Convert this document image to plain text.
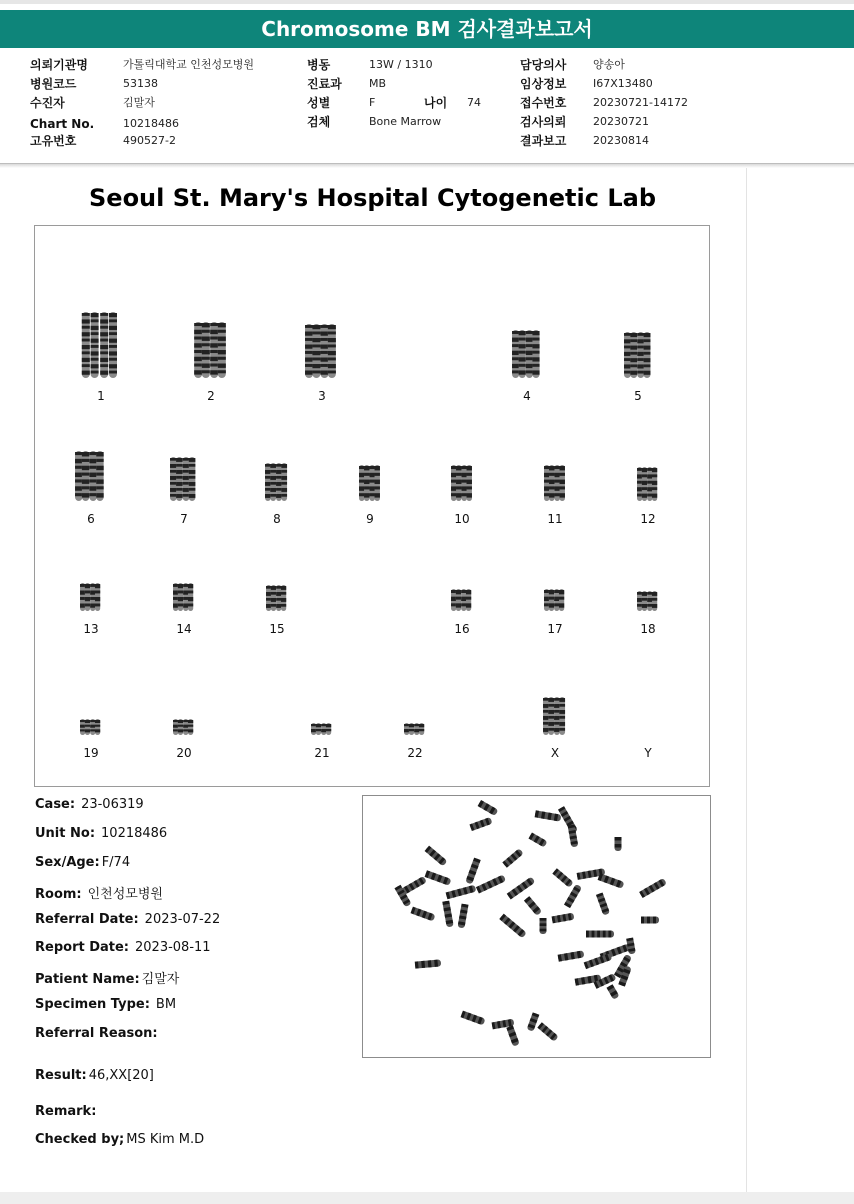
Chromosome BM 검사결과보고서
의뢰기관명	가톨릭대학교 인천성모병원
병원코드	53138
수진자	김말자
Chart No.	10218486
고유번호	490527-2
병동	13W / 1310
진료과 MB
성별	F	나이 74
검체	Bone Marrow
담당의사 양송아
임상정보 I67X13480
접수번호 20230721-14172
검사의뢰 20230721
결과보고 20230814
Seoul St. Mary's Hospital Cytogenetic Lab
1	2	3	4	5
6	7	8	9	10	11	12
13	14	15	16	17	18
19	20	21	22	X	Y
Case: 23-06319
Unit No: 10218486
Sex/Age: F/74
Room: 인천성모병원
Referral Date: 2023-07-22
Report Date: 2023-08-11
Patient Name: 김말자
Specimen Type: BM
Referral Reason:
Result: 46,XX[20]
Remark:
Checked by; MS Kim M.D
